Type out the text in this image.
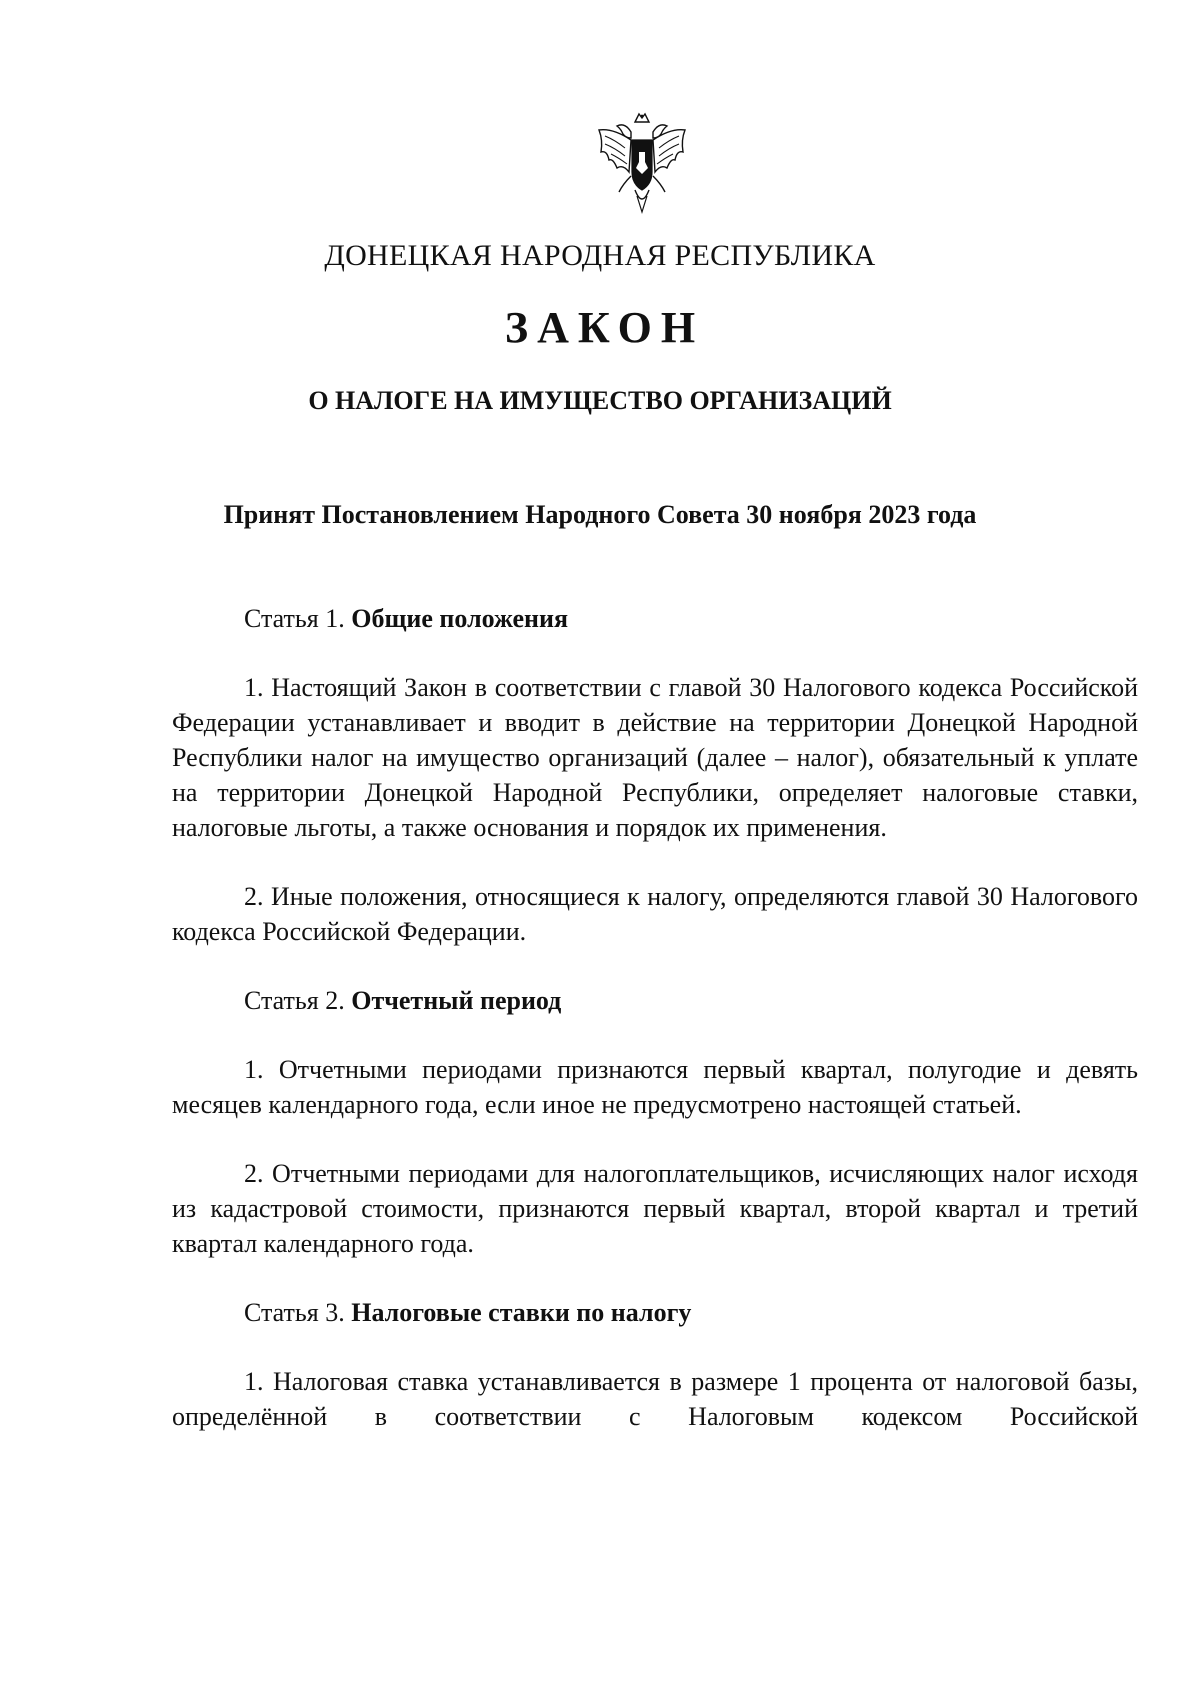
ДОНЕЦКАЯ НАРОДНАЯ РЕСПУБЛИКА
ЗАКОН
О НАЛОГЕ НА ИМУЩЕСТВО ОРГАНИЗАЦИЙ
Принят Постановлением Народного Совета 30 ноября 2023 года

Статья 1. Общие положения

1. Настоящий Закон в соответствии с главой 30 Налогового кодекса Российской Федерации устанавливает и вводит в действие на территории Донецкой Народной Республики налог на имущество организаций (далее – налог), обязательный к уплате на территории Донецкой Народной Республики, определяет налоговые ставки, налоговые льготы, а также основания и порядок их применения.

2. Иные положения, относящиеся к налогу, определяются главой 30 Налогового кодекса Российской Федерации.

Статья 2. Отчетный период

1. Отчетными периодами признаются первый квартал, полугодие и девять месяцев календарного года, если иное не предусмотрено настоящей статьей.

2. Отчетными периодами для налогоплательщиков, исчисляющих налог исходя из кадастровой стоимости, признаются первый квартал, второй квартал и третий квартал календарного года.

Статья 3. Налоговые ставки по налогу

1. Налоговая ставка устанавливается в размере 1 процента от налоговой базы, определённой в соответствии с Налоговым кодексом Российской
